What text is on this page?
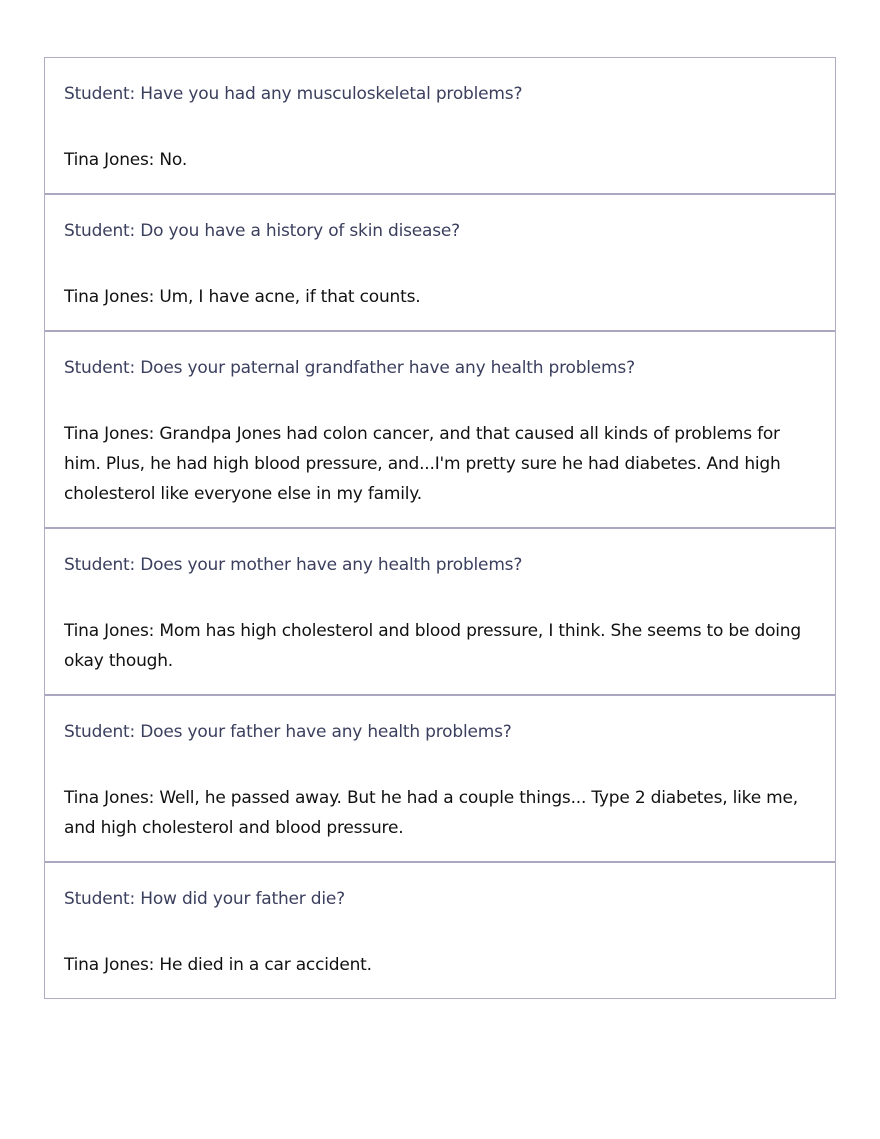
Student: Have you had any musculoskeletal problems?
Tina Jones: No.
Student: Do you have a history of skin disease?
Tina Jones: Um, I have acne, if that counts.
Student: Does your paternal grandfather have any health problems?
Tina Jones: Grandpa Jones had colon cancer, and that caused all kinds of problems for him. Plus, he had high blood pressure, and...I'm pretty sure he had diabetes. And high cholesterol like everyone else in my family.
Student: Does your mother have any health problems?
Tina Jones: Mom has high cholesterol and blood pressure, I think. She seems to be doing okay though.
Student: Does your father have any health problems?
Tina Jones: Well, he passed away. But he had a couple things... Type 2 diabetes, like me, and high cholesterol and blood pressure.
Student: How did your father die?
Tina Jones: He died in a car accident.
